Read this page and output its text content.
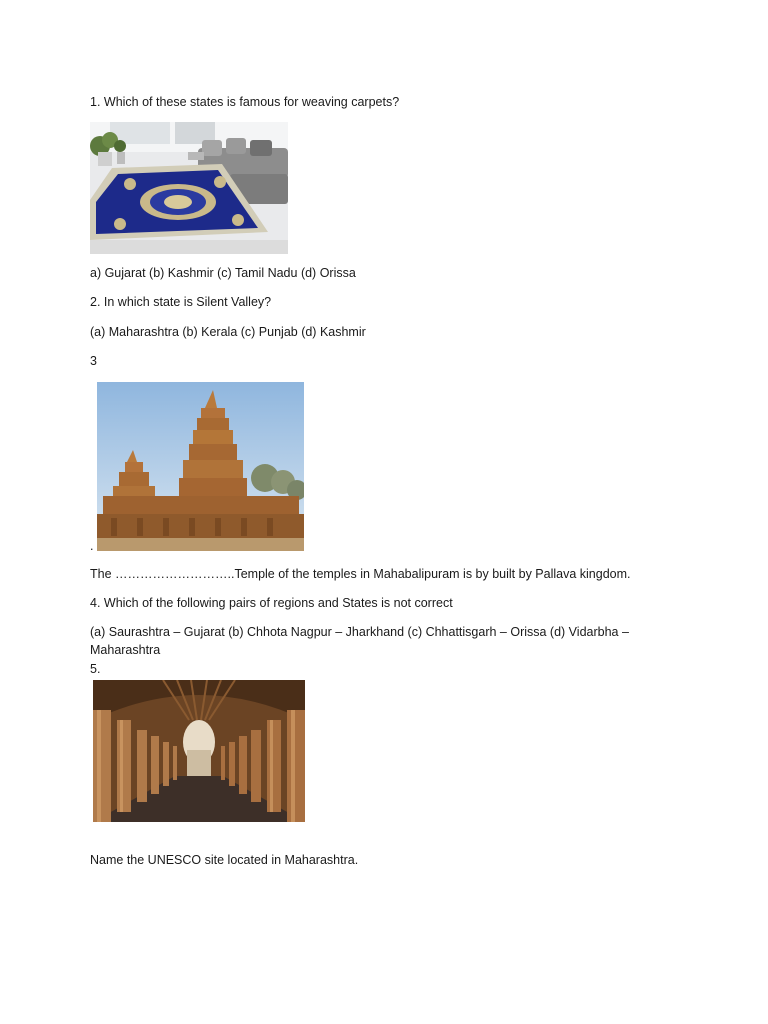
1. Which of these states is famous for weaving carpets?
a) Gujarat (b) Kashmir (c) Tamil Nadu (d) Orissa
2. In which state is Silent Valley?
(a) Maharashtra (b) Kerala (c) Punjab (d) Kashmir
3
.
The ………………………..Temple of the temples in Mahabalipuram is by built by Pallava kingdom.
4. Which of the following pairs of regions and States is not correct
(a) Saurashtra – Gujarat (b) Chhota Nagpur – Jharkhand (c) Chhattisgarh – Orissa (d) Vidarbha – Maharashtra
5.
Name the UNESCO site located in Maharashtra.
